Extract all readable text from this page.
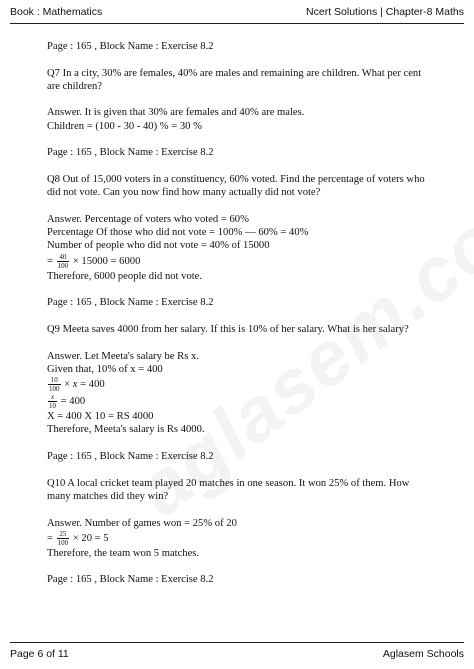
Book : Mathematics	Ncert Solutions | Chapter-8 Maths
Page : 165 , Block Name : Exercise 8.2
Q7 In a city, 30% are females, 40% are males and remaining are children. What per cent
are children?
Answer. It is given that 30% are females and 40% are males.
Children = (100 - 30 - 40) % = 30 %
Page : 165 , Block Name : Exercise 8.2
Q8 Out of 15,000 voters in a constituency, 60% voted. Find the percentage of voters who
did not vote. Can you now find how many actually did not vote?
Answer. Percentage of voters who voted = 60%
Percentage Of those who did not vote = 100% — 60% = 40%
Number of people who did not vote = 40% of 15000
= $\frac{40}{100} \times 15000 = 6000$
Therefore, 6000 people did not vote.
Page : 165 , Block Name : Exercise 8.2
Q9 Meeta saves 4000 from her salary. If this is 10% of her salary. What is her salary?
Answer. Let Meeta's salary be Rs x.
Given that, 10% of x = 400
$\frac{10}{100} \times x = 400$
$\frac{x}{10} = 400$
X = 400 X 10 = RS 4000
Therefore, Meeta's salary is Rs 4000.
Page : 165 , Block Name : Exercise 8.2
Q10 A local cricket team played 20 matches in one season. It won 25% of them. How
many matches did they win?
Answer. Number of games won = 25% of 20
= $\frac{25}{100} \times 20 = 5$
Therefore, the team won 5 matches.
Page : 165 , Block Name : Exercise 8.2
Page 6 of 11	Aglasem Schools
